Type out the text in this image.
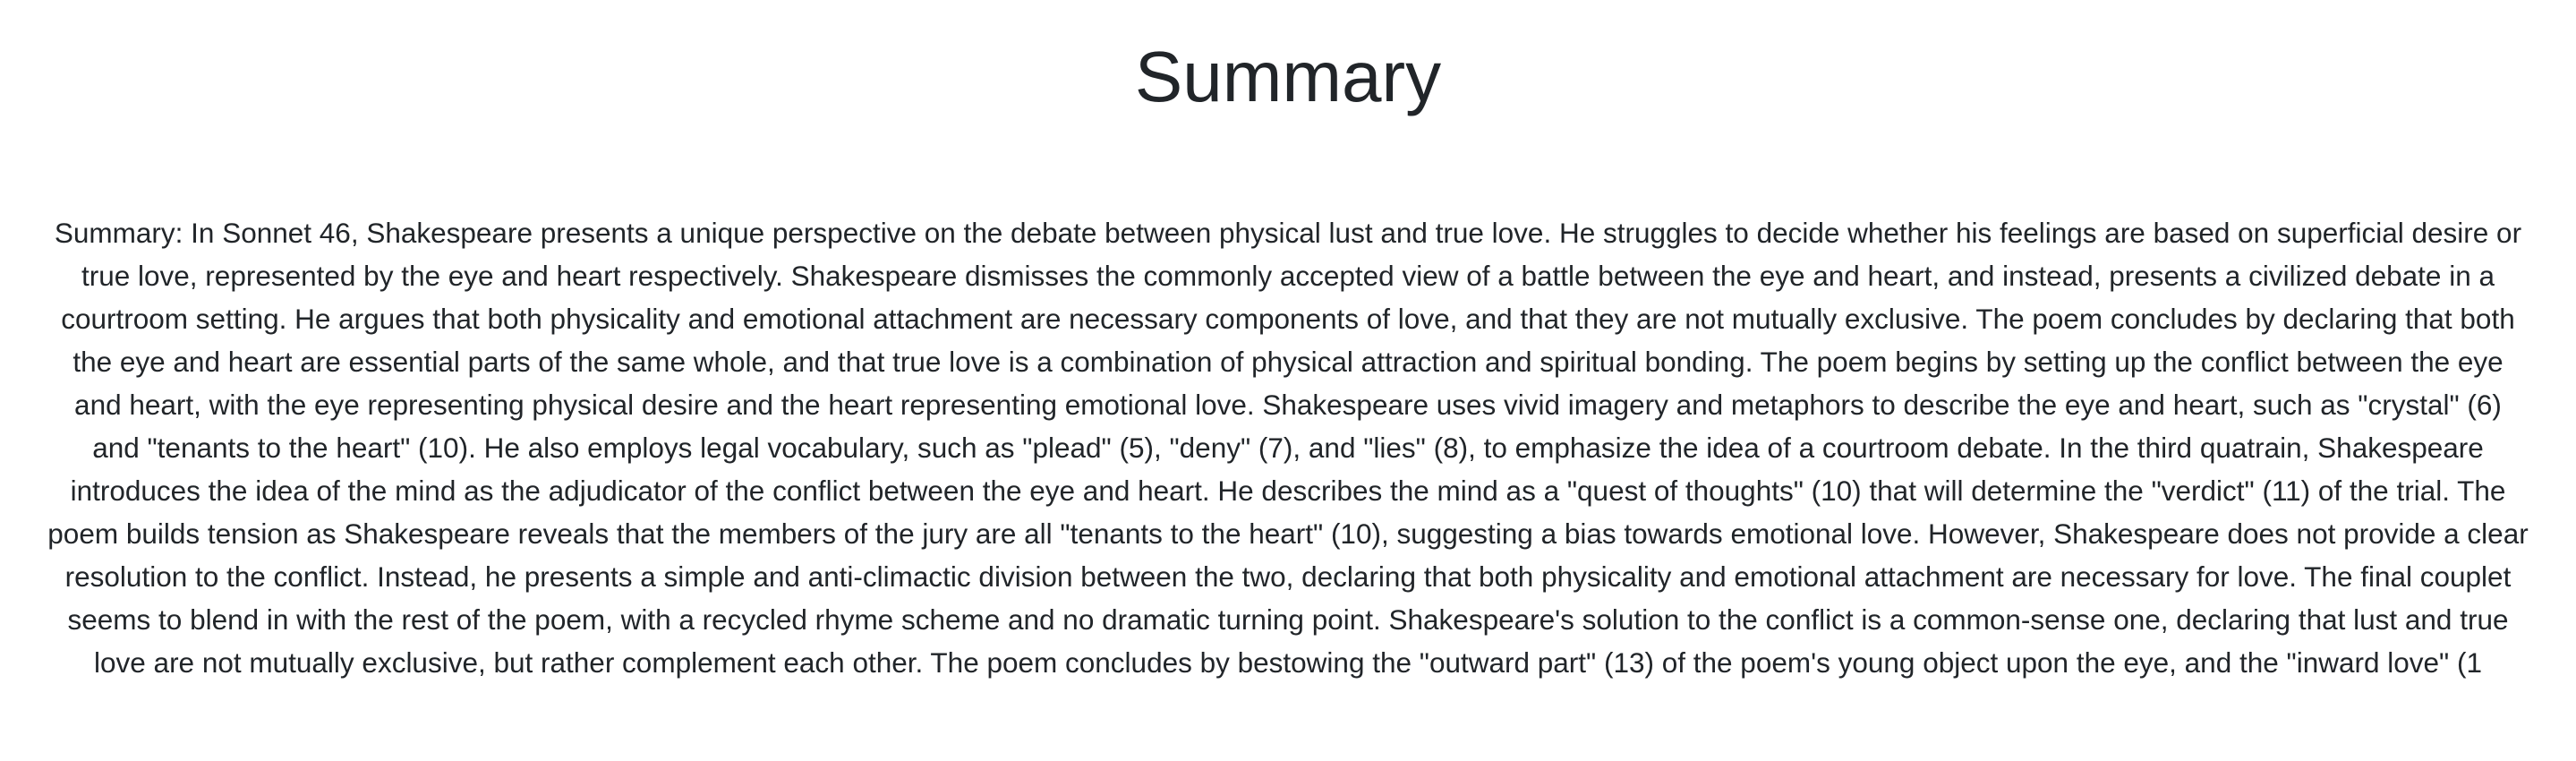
Summary
Summary: In Sonnet 46, Shakespeare presents a unique perspective on the debate between physical lust and true love. He struggles to decide whether his feelings are based on superficial desire or
true love, represented by the eye and heart respectively. Shakespeare dismisses the commonly accepted view of a battle between the eye and heart, and instead, presents a civilized debate in a
courtroom setting. He argues that both physicality and emotional attachment are necessary components of love, and that they are not mutually exclusive. The poem concludes by declaring that both
the eye and heart are essential parts of the same whole, and that true love is a combination of physical attraction and spiritual bonding. The poem begins by setting up the conflict between the eye
and heart, with the eye representing physical desire and the heart representing emotional love. Shakespeare uses vivid imagery and metaphors to describe the eye and heart, such as "crystal" (6)
and "tenants to the heart" (10). He also employs legal vocabulary, such as "plead" (5), "deny" (7), and "lies" (8), to emphasize the idea of a courtroom debate. In the third quatrain, Shakespeare
introduces the idea of the mind as the adjudicator of the conflict between the eye and heart. He describes the mind as a "quest of thoughts" (10) that will determine the "verdict" (11) of the trial. The
poem builds tension as Shakespeare reveals that the members of the jury are all "tenants to the heart" (10), suggesting a bias towards emotional love. However, Shakespeare does not provide a clear
resolution to the conflict. Instead, he presents a simple and anti-climactic division between the two, declaring that both physicality and emotional attachment are necessary for love. The final couplet
seems to blend in with the rest of the poem, with a recycled rhyme scheme and no dramatic turning point. Shakespeare's solution to the conflict is a common-sense one, declaring that lust and true
love are not mutually exclusive, but rather complement each other. The poem concludes by bestowing the "outward part" (13) of the poem's young object upon the eye, and the "inward love" (1
